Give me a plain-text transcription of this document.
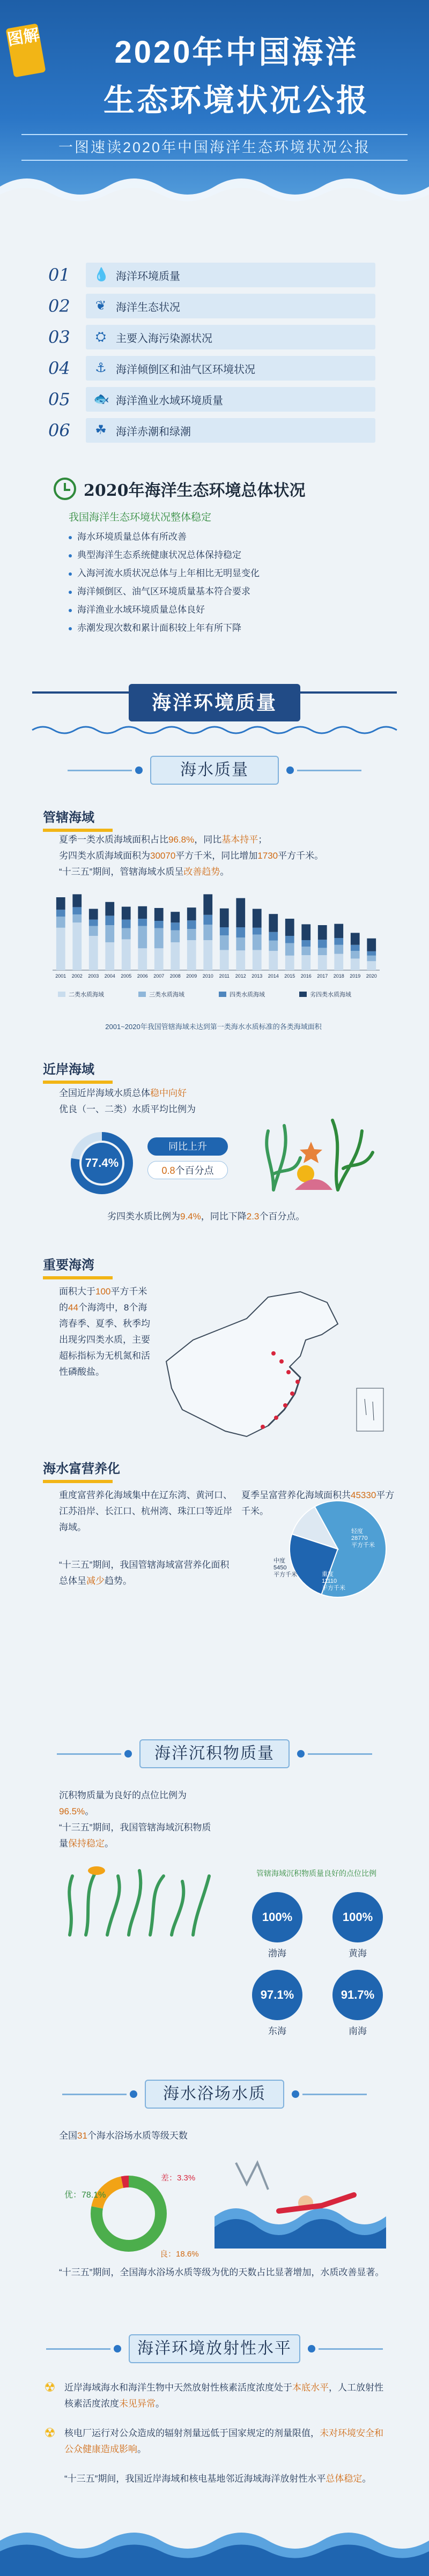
图解	2020年中国海洋
生态环境状况公报
一图速读2020年中国海洋生态环境状况公报
01	💧 海洋环境质量
02	❦ 海洋生态状况
03	⛭ 主要入海污染源状况
04	⚓ 海洋倾倒区和油气区环境状况
05	🐟 海洋渔业水域环境质量
06	☘ 海洋赤潮和绿潮
2020年海洋生态环境总体状况
我国海洋生态环境状况整体稳定
海水环境质量总体有所改善
典型海洋生态系统健康状况总体保持稳定
入海河流水质状况总体与上年相比无明显变化
海洋倾倒区、油气区环境质量基本符合要求
海洋渔业水域环境质量总体良好
赤潮发现次数和累计面积较上年有所下降
海洋环境质量
海水质量
管辖海域
夏季一类水质海域面积占比96.8%，同比基本持平；
劣四类水质海域面积为30070平方千米，同比增加1730平方千米。
“十三五”期间，管辖海域水质呈改善趋势。
2001 2002 2003 2004 2005 2006 2007 2008 2009 2010 2011 2012 2013 2014 2015 2016 2017 2018 2019 2020
二类水质海域	三类水质海域	四类水质海域	劣四类水质海域
2001~2020年我国管辖海域未达到第一类海水水质标准的各类海域面积
近岸海域
全国近岸海域水质总体稳中向好
优良（一、二类）水质平均比例为
77.4%
同比上升
0.8个百分点
劣四类水质比例为9.4%，同比下降2.3个百分点。
重要海湾
面积大于100平方千米的44个海湾中，8个海湾春季、夏季、秋季均出现劣四类水质，主要超标指标为无机氮和活性磷酸盐。
海水富营养化
重度富营养化海域集中在辽东湾、黄河口、江苏沿岸、长江口、杭州湾、珠江口等近岸海域。
夏季呈富营养化海域面积共45330平方千米。
“十三五”期间，我国管辖海域富营养化面积总体呈减少趋势。
轻度 28770 平方千米
重度 11110 平方千米
中度 5450 平方千米
海洋沉积物质量
沉积物质量为良好的点位比例为96.5%。
“十三五”期间，我国管辖海域沉积物质量保持稳定。
管辖海域沉积物质量良好的点位比例
100%
渤海
100%
黄海
97.1%
东海
91.7%
南海
海水浴场水质
全国31个海水浴场水质等级天数
优：78.1%
差：3.3%
良：18.6%
“十三五”期间，全国海水浴场水质等级为优的天数占比显著增加，水质改善显著。
海洋环境放射性水平
☢ 近岸海域海水和海洋生物中天然放射性核素活度浓度处于本底水平，人工放射性核素活度浓度未见异常。
☢ 核电厂运行对公众造成的辐射剂量远低于国家规定的剂量限值，未对环境安全和公众健康造成影响。
“十三五”期间，我国近岸海域和核电基地邻近海域海洋放射性水平总体稳定。
